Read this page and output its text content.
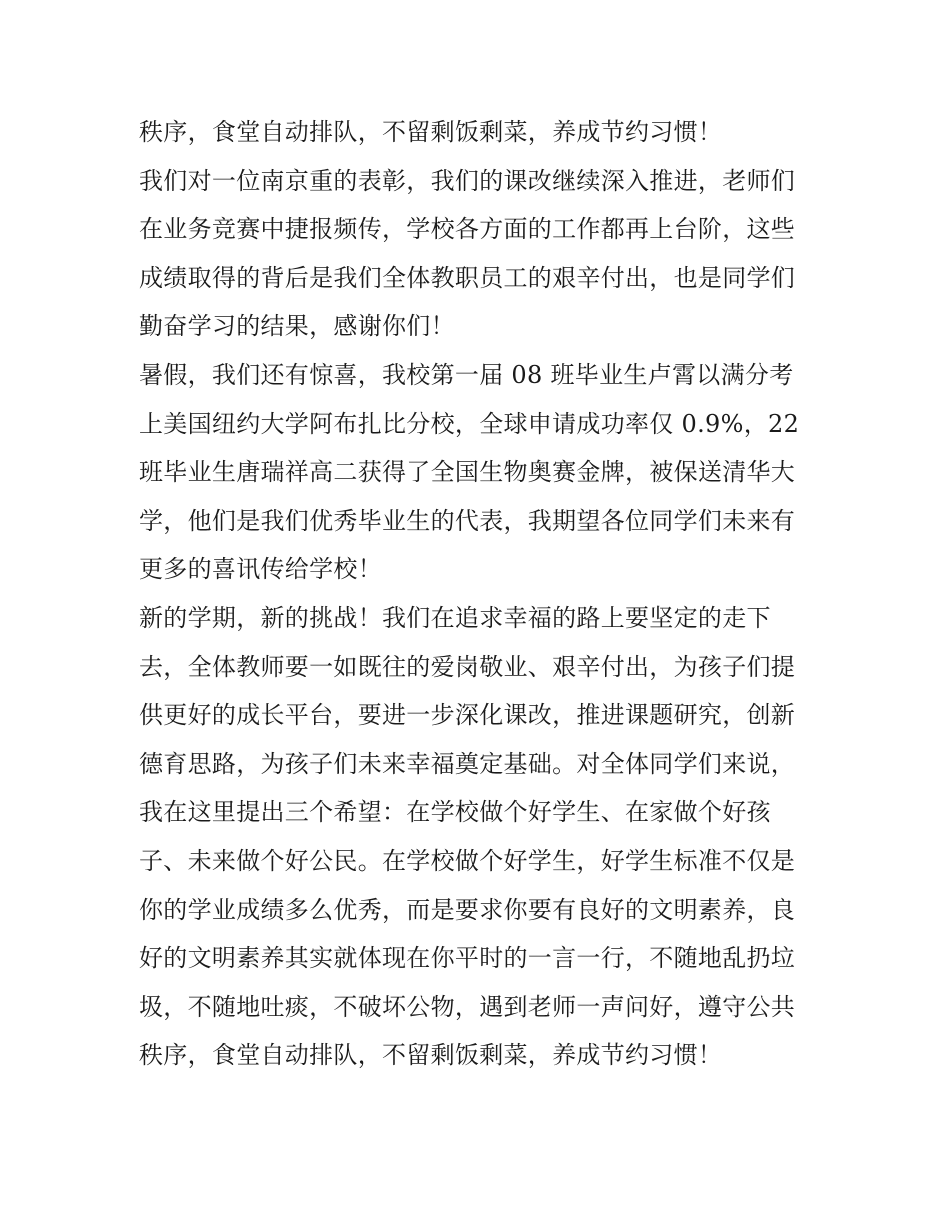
秩序，食堂自动排队，不留剩饭剩菜，养成节约习惯！
我们对一位南京重的表彰，我们的课改继续深入推进，老师们
在业务竞赛中捷报频传，学校各方面的工作都再上台阶，这些
成绩取得的背后是我们全体教职员工的艰辛付出，也是同学们
勤奋学习的结果，感谢你们！
暑假，我们还有惊喜，我校第一届 08 班毕业生卢霄以满分考
上美国纽约大学阿布扎比分校，全球申请成功率仅 0.9%，22
班毕业生唐瑞祥高二获得了全国生物奥赛金牌，被保送清华大
学，他们是我们优秀毕业生的代表，我期望各位同学们未来有
更多的喜讯传给学校！
新的学期，新的挑战！我们在追求幸福的路上要坚定的走下
去，全体教师要一如既往的爱岗敬业、艰辛付出，为孩子们提
供更好的成长平台，要进一步深化课改，推进课题研究，创新
德育思路，为孩子们未来幸福奠定基础。对全体同学们来说，
我在这里提出三个希望：在学校做个好学生、在家做个好孩
子、未来做个好公民。在学校做个好学生，好学生标准不仅是
你的学业成绩多么优秀，而是要求你要有良好的文明素养，良
好的文明素养其实就体现在你平时的一言一行，不随地乱扔垃
圾，不随地吐痰，不破坏公物，遇到老师一声问好，遵守公共
秩序，食堂自动排队，不留剩饭剩菜，养成节约习惯！
